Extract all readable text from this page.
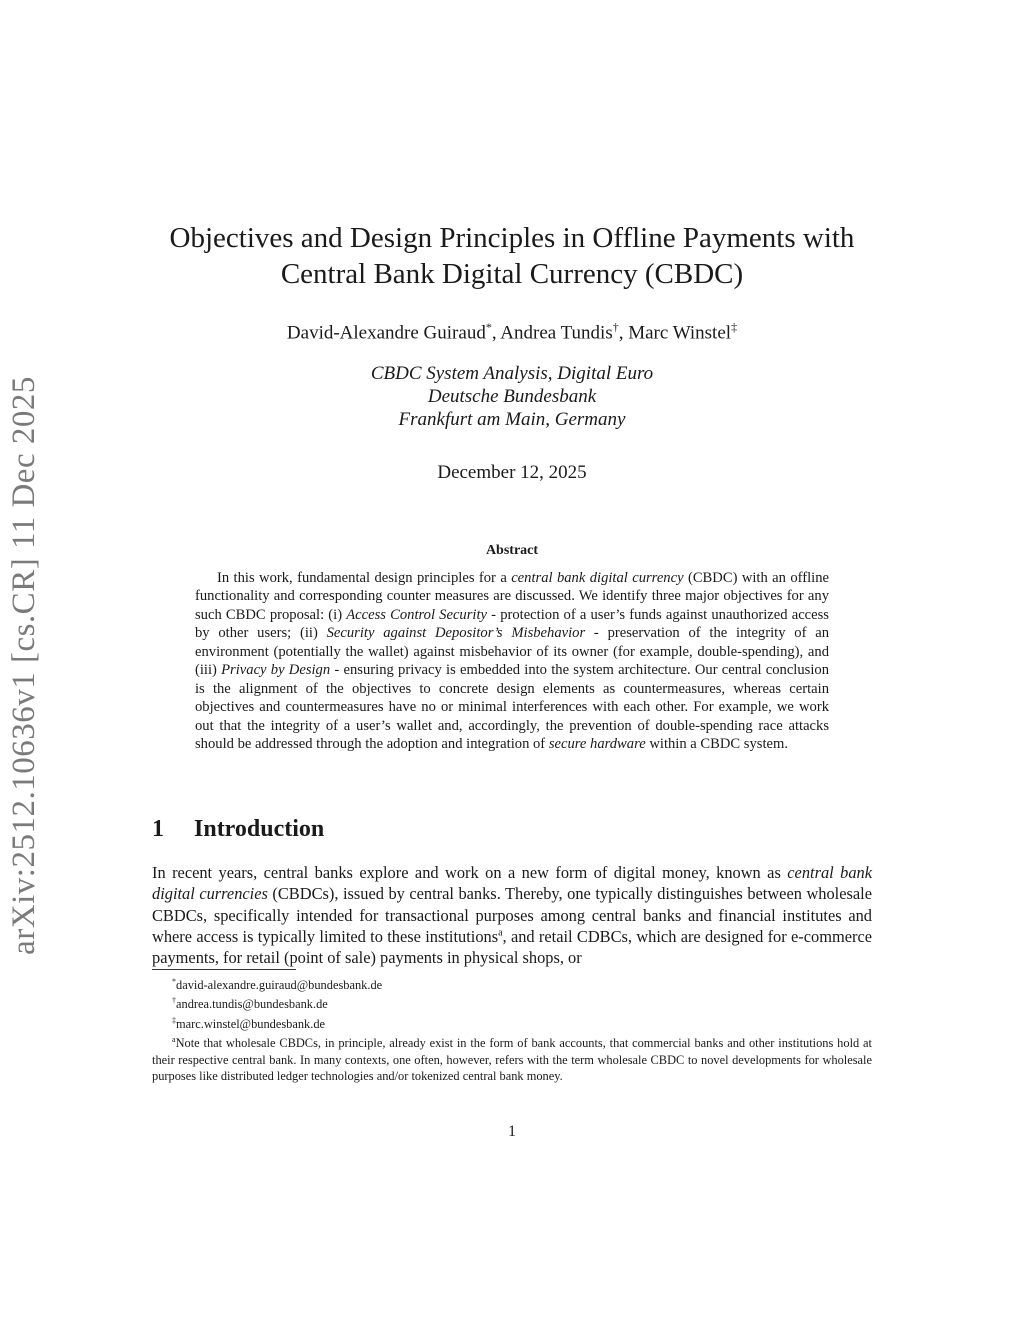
arXiv:2512.10636v1 [cs.CR] 11 Dec 2025
Objectives and Design Principles in Offline Payments with
Central Bank Digital Currency (CBDC)
David-Alexandre Guiraud*, Andrea Tundis†, Marc Winstel‡
CBDC System Analysis, Digital Euro
Deutsche Bundesbank
Frankfurt am Main, Germany
December 12, 2025
Abstract

In this work, fundamental design principles for a central bank digital currency (CBDC) with an offline functionality and corresponding counter measures are discussed. We identify three major objectives for any such CBDC proposal: (i) Access Control Security - protection of a user’s funds against unauthorized access by other users; (ii) Security against Depositor’s Misbehavior - preservation of the integrity of an environment (potentially the wallet) against misbehavior of its owner (for example, double-spending), and (iii) Privacy by Design - ensuring privacy is embedded into the system architecture. Our central conclusion is the alignment of the objectives to concrete design elements as countermeasures, whereas certain objectives and countermeasures have no or minimal interferences with each other. For example, we work out that the integrity of a user’s wallet and, accordingly, the prevention of double-spending race attacks should be addressed through the adoption and integration of secure hardware within a CBDC system.

1 Introduction

In recent years, central banks explore and work on a new form of digital money, known as central bank digital currencies (CBDCs), issued by central banks. Thereby, one typically distinguishes between wholesale CBDCs, specifically intended for transactional purposes among central banks and financial institutes and where access is typically limited to these institutions$^a$, and retail CDBCs, which are designed for e-commerce payments, for retail (point of sale) payments in physical shops, or

*david-alexandre.guiraud@bundesbank.de

†andrea.tundis@bundesbank.de

‡marc.winstel@bundesbank.de

$^a$Note that wholesale CBDCs, in principle, already exist in the form of bank accounts, that commercial banks and other institutions hold at their respective central bank. In many contexts, one often, however, refers with the term wholesale CBDC to novel developments for wholesale purposes like distributed ledger technologies and/or tokenized central bank money.

1
